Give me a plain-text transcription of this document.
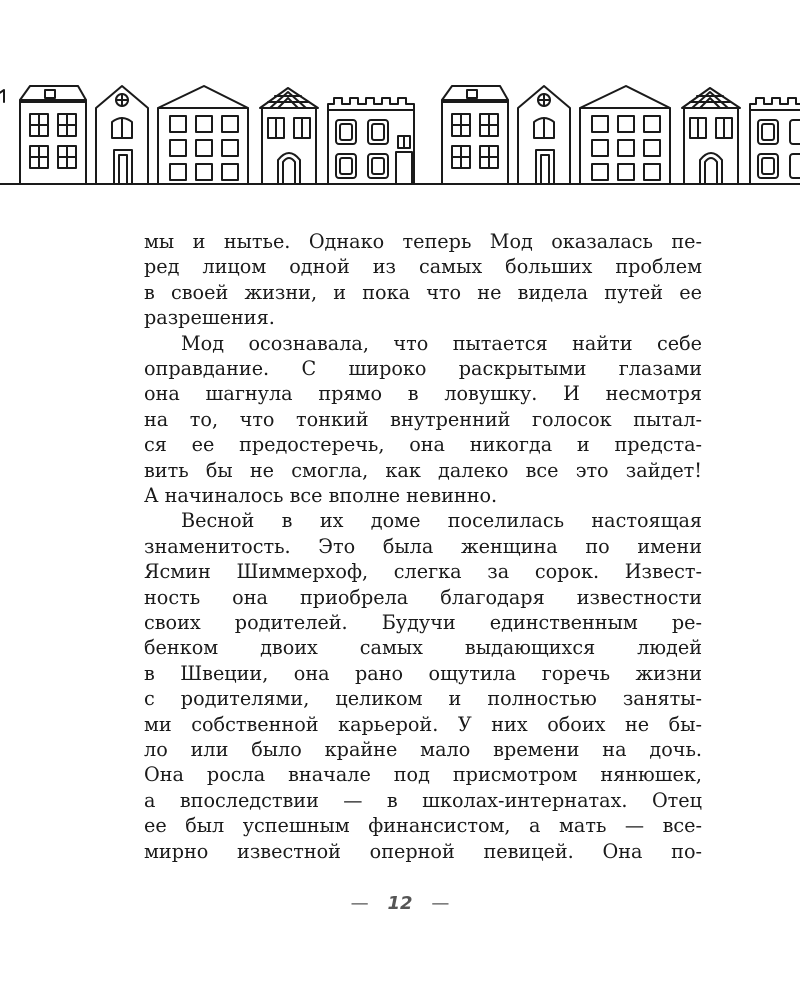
мы и нытье. Однако теперь Мод оказалась пе-
ред лицом одной из самых больших проблем
в своей жизни, и пока что не видела путей ее
разрешения.
Мод осознавала, что пытается найти себе
оправдание. С широко раскрытыми глазами
она шагнула прямо в ловушку. И несмотря
на то, что тонкий внутренний голосок пытал-
ся ее предостеречь, она никогда и предста-
вить бы не смогла, как далеко все это зайдет!
А начиналось все вполне невинно.
Весной в их доме поселилась настоящая
знаменитость. Это была женщина по имени
Ясмин Шиммерхоф, слегка за сорок. Извест-
ность она приобрела благодаря известности
своих родителей. Будучи единственным ре-
бенком двоих самых выдающихся людей
в Швеции, она рано ощутила горечь жизни
с родителями, целиком и полностью заняты-
ми собственной карьерой. У них обоих не бы-
ло или было крайне мало времени на дочь.
Она росла вначале под присмотром нянюшек,
а впоследствии — в школах-интернатах. Отец
ее был успешным финансистом, а мать — все-
мирно известной оперной певицей. Она по-
— 12 —
